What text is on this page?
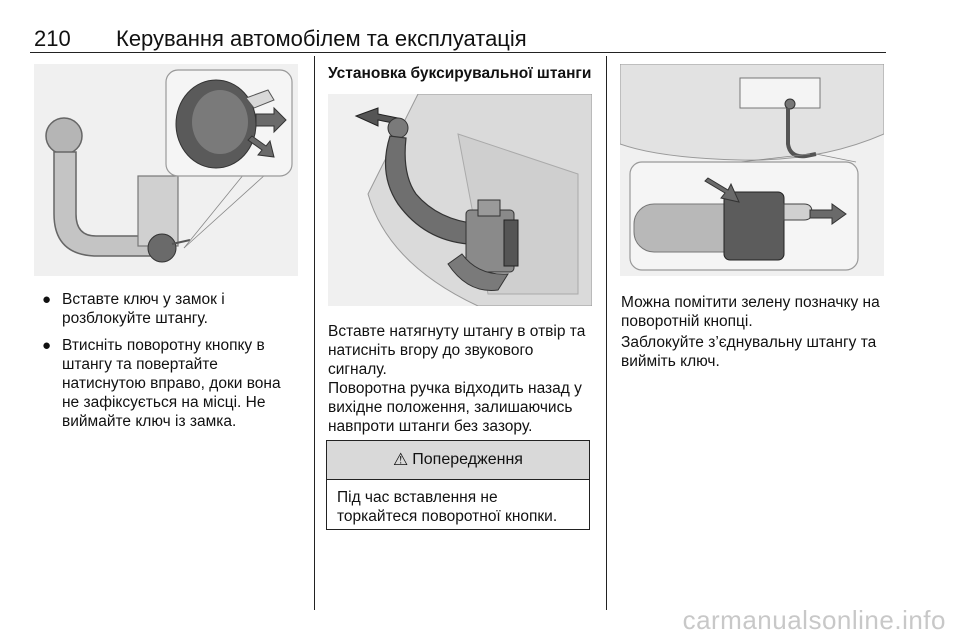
210 Керування автомобілем та експлуатація
● Вставте ключ у замок і розблокуйте штангу.
● Втисніть поворотну кнопку в штангу та повертайте натиснутою вправо, доки вона не зафіксується на місці. Не виймайте ключ із замка.
Установка буксирувальної штанги

Вставте натягнуту штангу в отвір та натисніть вгору до звукового сигналу.

Поворотна ручка відходить назад у вихідне положення, залишаючись навпроти штанги без зазору.

⚠ Попередження
Під час вставлення не торкайтеся поворотної кнопки.

Можна помітити зелену позначку на поворотній кнопці.

Заблокуйте з’єднувальну штангу та вийміть ключ.

carmanualsonline.info
